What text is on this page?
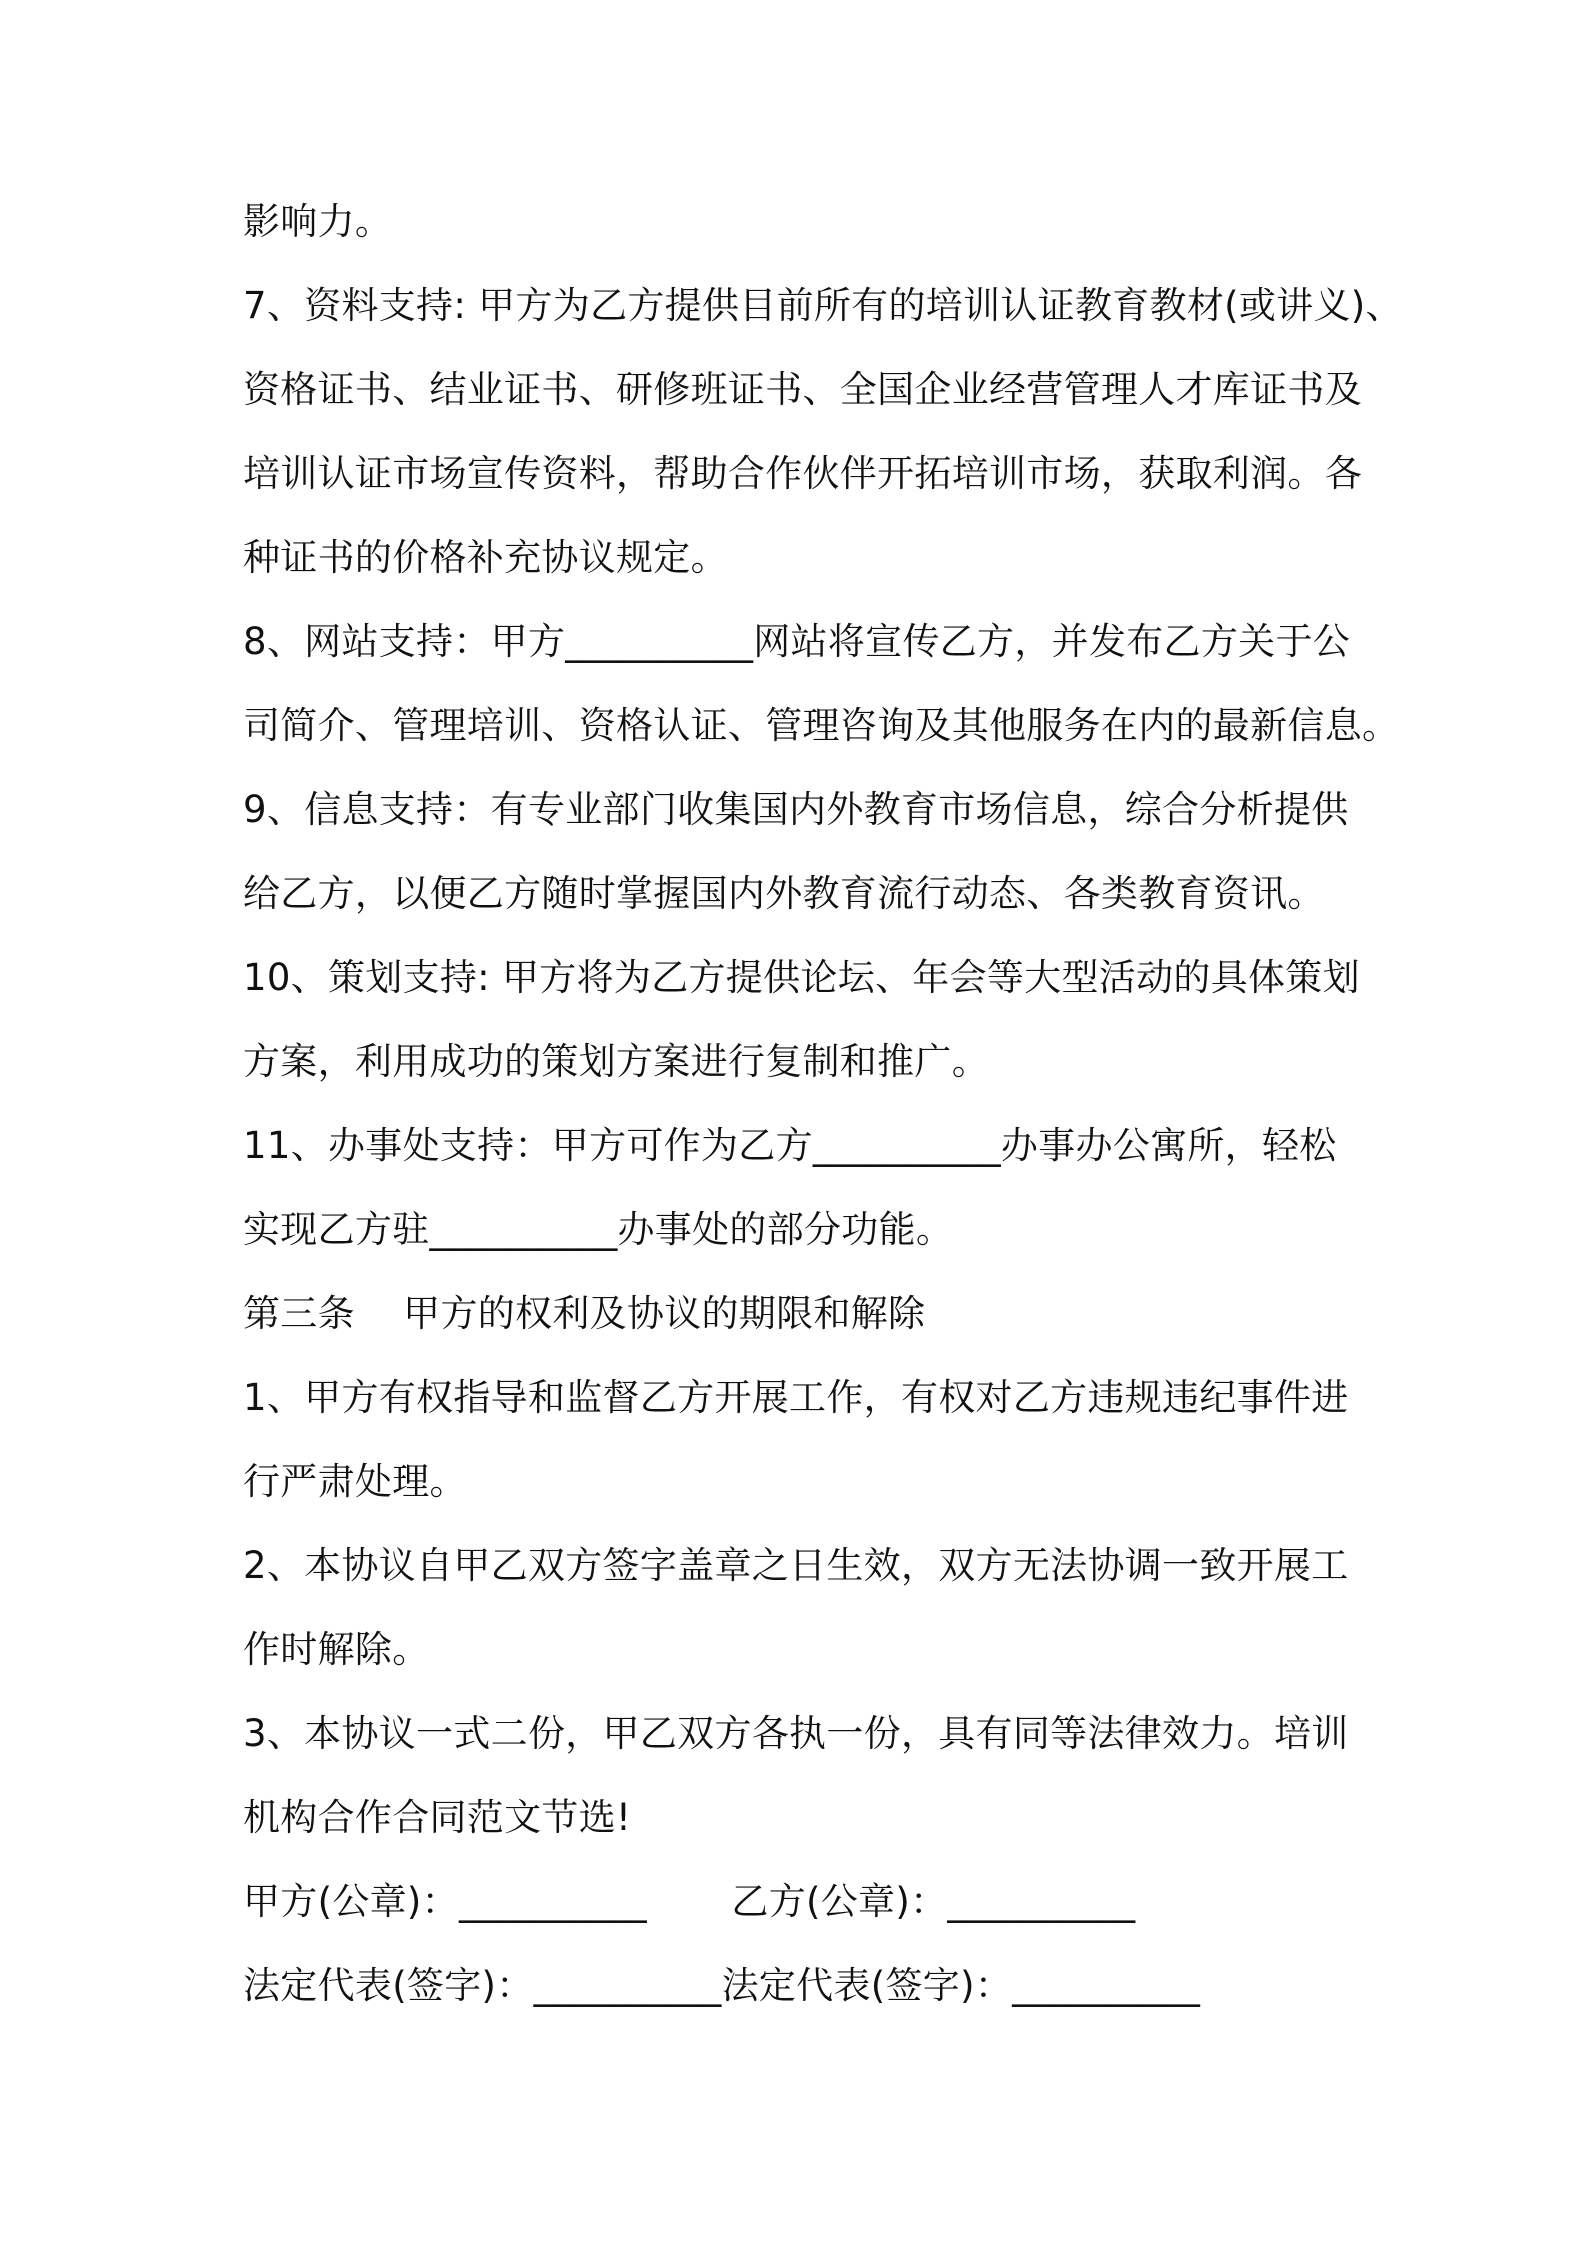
影响力。
7、资料支持: 甲方为乙方提供目前所有的培训认证教育教材(或讲义)、
资格证书、结业证书、研修班证书、全国企业经营管理人才库证书及
培训认证市场宣传资料，帮助合作伙伴开拓培训市场，获取利润。各
种证书的价格补充协议规定。
8、网站支持：甲方__________网站将宣传乙方，并发布乙方关于公
司简介、管理培训、资格认证、管理咨询及其他服务在内的最新信息。
9、信息支持：有专业部门收集国内外教育市场信息，综合分析提供
给乙方，以便乙方随时掌握国内外教育流行动态、各类教育资讯。
10、策划支持: 甲方将为乙方提供论坛、年会等大型活动的具体策划
方案，利用成功的策划方案进行复制和推广。
11、办事处支持：甲方可作为乙方__________办事办公寓所，轻松
实现乙方驻__________办事处的部分功能。
第三条    甲方的权利及协议的期限和解除
1、甲方有权指导和监督乙方开展工作，有权对乙方违规违纪事件进
行严肃处理。
2、本协议自甲乙双方签字盖章之日生效，双方无法协调一致开展工
作时解除。
3、本协议一式二份，甲乙双方各执一份，具有同等法律效力。培训
机构合作合同范文节选!
甲方(公章)：__________       乙方(公章)：__________
法定代表(签字)：__________法定代表(签字)：__________
